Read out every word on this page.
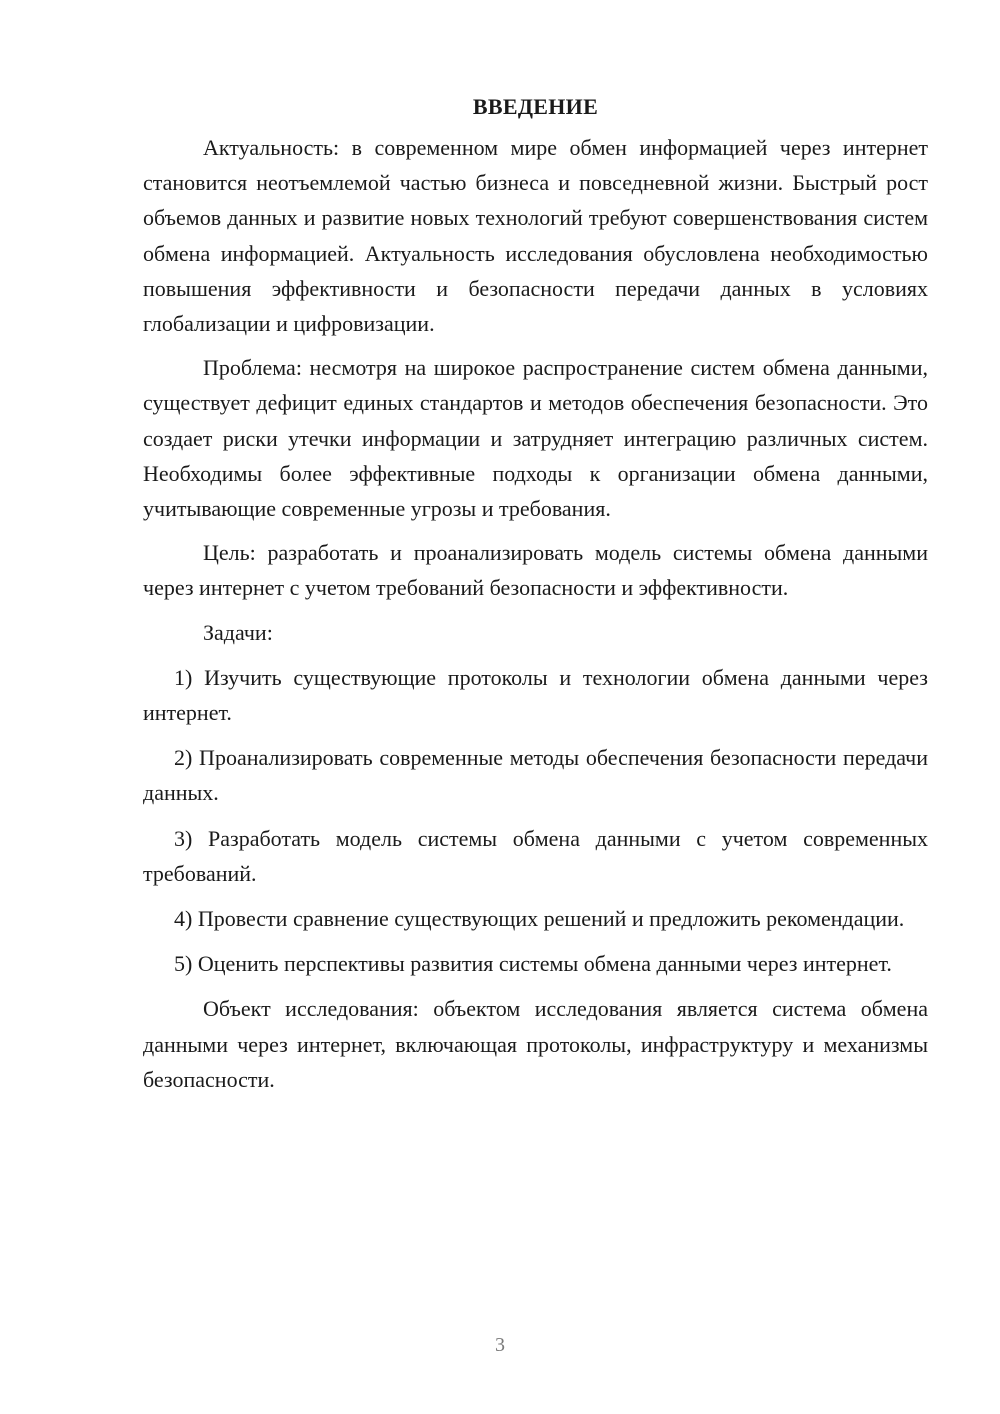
ВВЕДЕНИЕ

Актуальность: в современном мире обмен информацией через интернет становится неотъемлемой частью бизнеса и повседневной жизни. Быстрый рост объемов данных и развитие новых технологий требуют совершенствования систем обмена информацией. Актуальность исследования обусловлена необходимостью повышения эффективности и безопасности передачи данных в условиях глобализации и цифровизации.

Проблема: несмотря на широкое распространение систем обмена данными, существует дефицит единых стандартов и методов обеспечения безопасности. Это создает риски утечки информации и затрудняет интеграцию различных систем. Необходимы более эффективные подходы к организации обмена данными, учитывающие современные угрозы и требования.

Цель: разработать и проанализировать модель системы обмена данными через интернет с учетом требований безопасности и эффективности.

Задачи:

1) Изучить существующие протоколы и технологии обмена данными через интернет.

2) Проанализировать современные методы обеспечения безопасности передачи данных.

3) Разработать модель системы обмена данными с учетом современных требований.

4) Провести сравнение существующих решений и предложить рекомендации.

5) Оценить перспективы развития системы обмена данными через интернет.

Объект исследования: объектом исследования является система обмена данными через интернет, включающая протоколы, инфраструктуру и механизмы безопасности.

3
